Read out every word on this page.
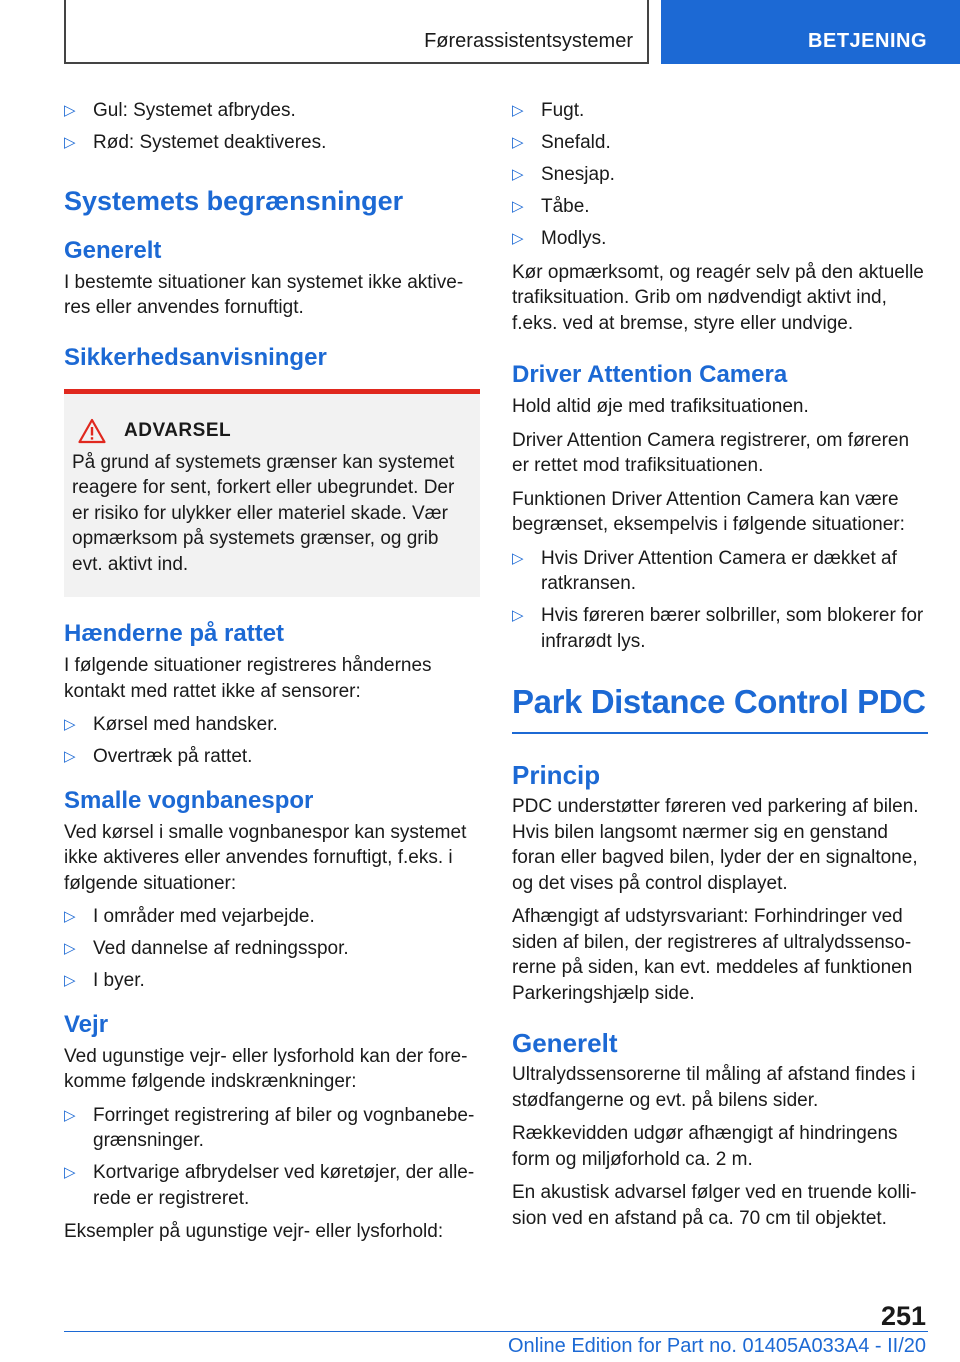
Førerassistentsystemer	BETJENING
▷ Gul: Systemet afbrydes.
▷ Rød: Systemet deaktiveres.
Systemets begrænsninger
Generelt

I bestemte situationer kan systemet ikke aktive-
res eller anvendes fornuftigt.

Sikkerhedsanvisninger
ADVARSEL

På grund af systemets grænser kan systemet reagere for sent, forkert eller ubegrundet. Der er risiko for ulykker eller materiel skade. Vær opmærksom på systemets grænser, og grib evt. aktivt ind.

Hænderne på rattet

I følgende situationer registreres håndernes kontakt med rattet ikke af sensorer:

▷ Kørsel med handsker.
▷ Overtræk på rattet.
Smalle vognbanespor

Ved kørsel i smalle vognbanespor kan systemet ikke aktiveres eller anvendes fornuftigt, f.eks. i følgende situationer:

▷ I områder med vejarbejde.
▷ Ved dannelse af redningsspor.
▷ I byer.
Vejr

Ved ugunstige vejr- eller lysforhold kan der fore-
komme følgende indskrænkninger:

▷ Forringet registrering af biler og vognbanebe-
grænsninger.
▷ Kortvarige afbrydelser ved køretøjer, der alle-
rede er registreret.

Eksempler på ugunstige vejr- eller lysforhold:

▷ Fugt.
▷ Snefald.
▷ Snesjap.
▷ Tåbe.
▷ Modlys.

Kør opmærksomt, og reagér selv på den aktuelle trafiksituation. Grib om nødvendigt aktivt ind, f.eks. ved at bremse, styre eller undvige.

Driver Attention Camera

Hold altid øje med trafiksituationen.

Driver Attention Camera registrerer, om føreren er rettet mod trafiksituationen.

Funktionen Driver Attention Camera kan være begrænset, eksempelvis i følgende situationer:

▷ Hvis Driver Attention Camera er dækket af ratkransen.
▷ Hvis føreren bærer solbriller, som blokerer for infrarødt lys.
Park Distance Control PDC
Princip

PDC understøtter føreren ved parkering af bilen. Hvis bilen langsomt nærmer sig en genstand foran eller bagved bilen, lyder der en signaltone, og det vises på control displayet.

Afhængigt af udstyrsvariant: Forhindringer ved siden af bilen, der registreres af ultralydssenso- rerne på siden, kan evt. meddeles af funktionen Parkeringshjælp side.

Generelt

Ultralydssensorerne til måling af afstand findes i stødfangerne og evt. på bilens sider.

Rækkevidden udgør afhængigt af hindringens form og miljøforhold ca. 2 m.

En akustisk advarsel følger ved en truende kolli- sion ved en afstand på ca. 70 cm til objektet.

251
Online Edition for Part no. 01405A033A4 - II/20
